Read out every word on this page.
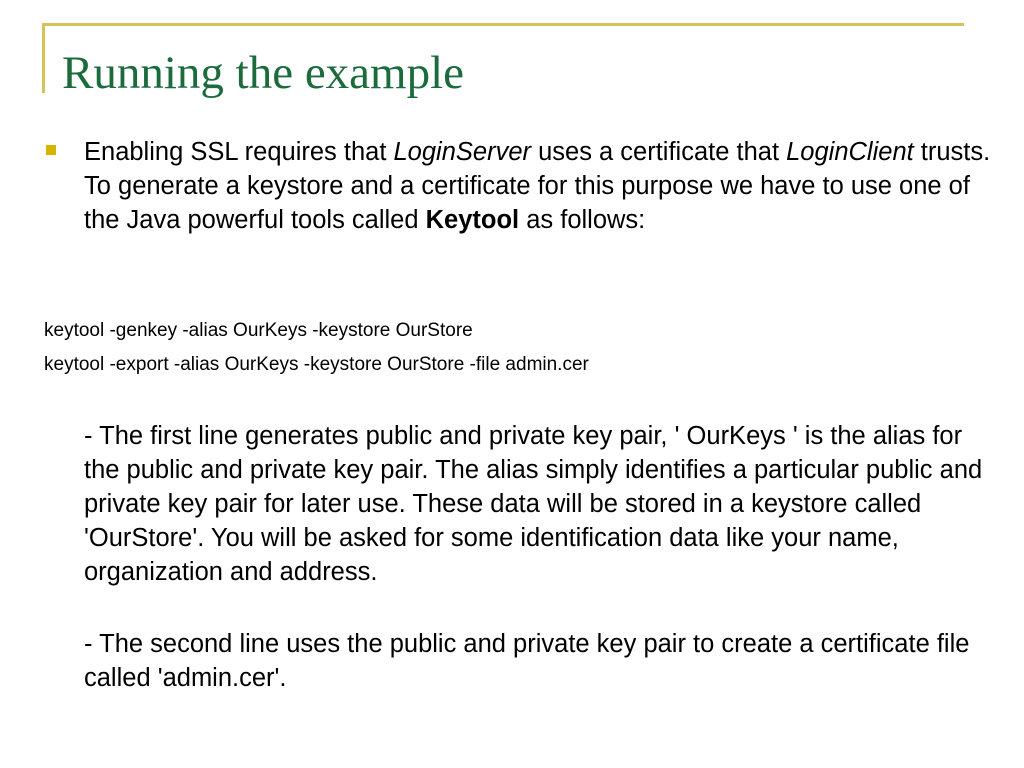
Running the example

Enabling SSL requires that LoginServer uses a certificate that LoginClient trusts. To generate a keystore and a certificate for this purpose we have to use one of the Java powerful tools called Keytool as follows:

keytool -genkey -alias OurKeys -keystore OurStore
keytool -export -alias OurKeys -keystore OurStore -file admin.cer

- The first line generates public and private key pair, ' OurKeys ' is the alias for the public and private key pair. The alias simply identifies a particular public and private key pair for later use. These data will be stored in a keystore called 'OurStore'. You will be asked for some identification data like your name, organization and address.

- The second line uses the public and private key pair to create a certificate file called 'admin.cer'.
